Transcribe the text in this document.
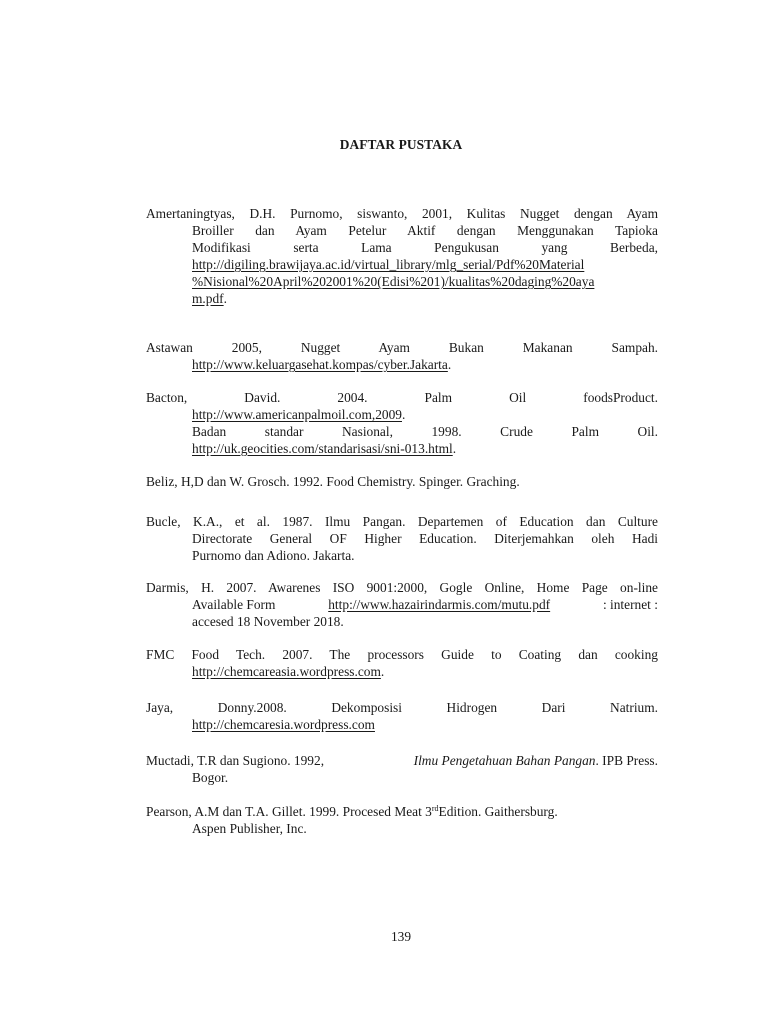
DAFTAR PUSTAKA
Amertaningtyas, D.H. Purnomo, siswanto, 2001, Kulitas Nugget dengan Ayam
Broiller dan Ayam Petelur Aktif dengan Menggunakan Tapioka
Modifikasi serta Lama Pengukusan yang Berbeda,
http://digiling.brawijaya.ac.id/virtual_library/mlg_serial/Pdf%20Material
%Nisional%20April%202001%20(Edisi%201)/kualitas%20daging%20aya
m.pdf.
Astawan 2005, Nugget Ayam Bukan Makanan Sampah.
http://www.keluargasehat.kompas/cyber.Jakarta.
Bacton, David. 2004. Palm Oil foodsProduct.
http://www.americanpalmoil.com,2009.
Badan standar Nasional, 1998. Crude Palm Oil.
http://uk.geocities.com/standarisasi/sni-013.html.
Beliz, H,D dan W. Grosch. 1992. Food Chemistry. Spinger. Graching.
Bucle, K.A., et al. 1987. Ilmu Pangan. Departemen of Education dan Culture
Directorate General OF Higher Education. Diterjemahkan oleh Hadi
Purnomo dan Adiono. Jakarta.
Darmis, H. 2007. Awarenes ISO 9001:2000, Gogle Online, Home Page on-line
Available Form	http://www.hazairindarmis.com/mutu.pdf	: internet :
accesed 18 November 2018.
FMC Food Tech. 2007. The processors Guide to Coating dan cooking
http://chemcareasia.wordpress.com.
Jaya, Donny.2008. Dekomposisi Hidrogen Dari Natrium.
http://chemcaresia.wordpress.com
Muctadi, T.R dan Sugiono. 1992,	Ilmu Pengetahuan Bahan Pangan. IPB Press.
Bogor.
Pearson, A.M dan T.A. Gillet. 1999. Procesed Meat 3rdEdition. Gaithersburg.
Aspen Publisher, Inc.
139
